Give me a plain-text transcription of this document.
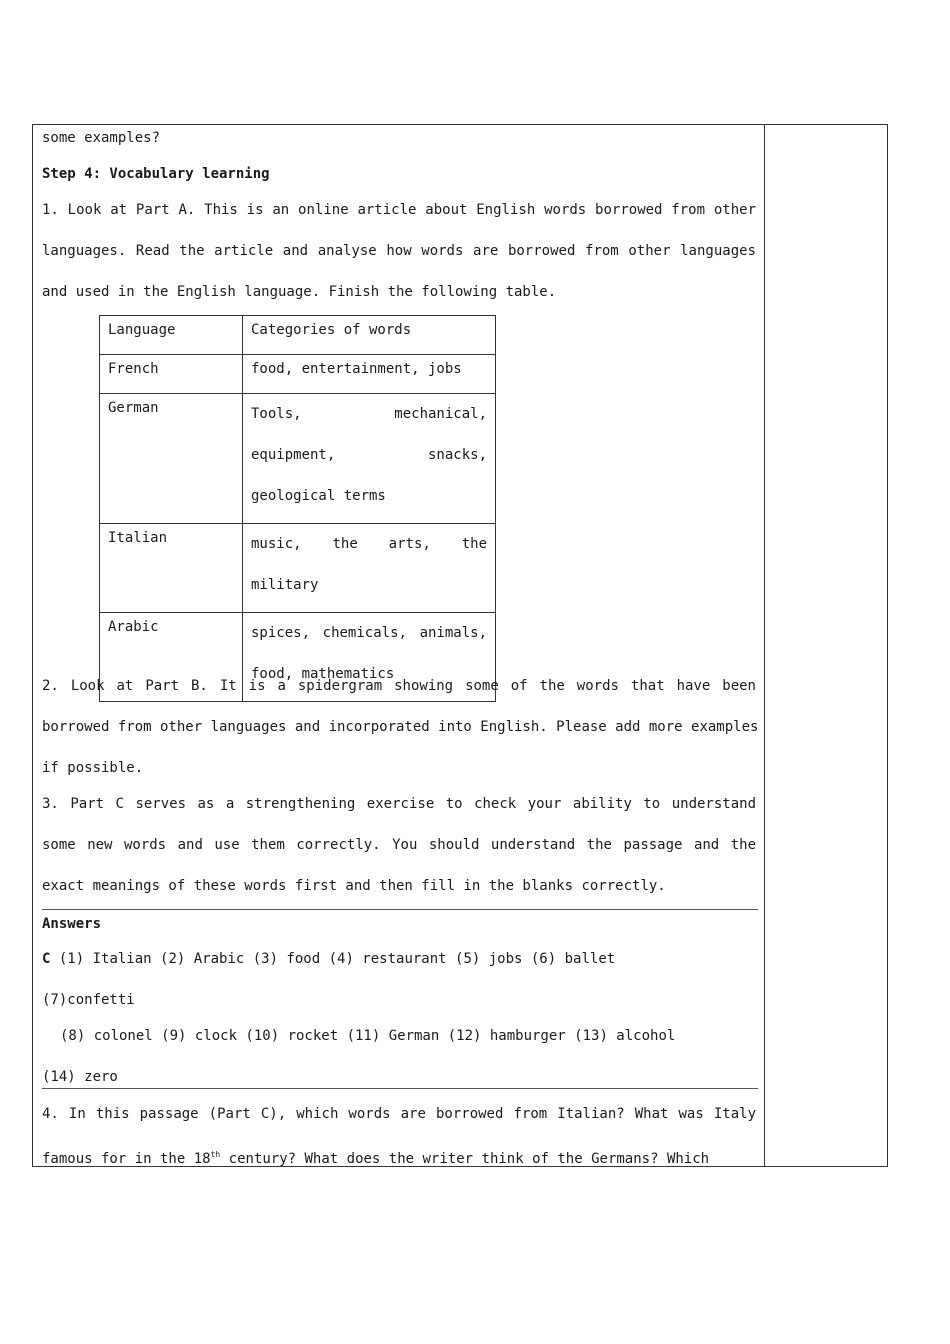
some examples?
Step 4: Vocabulary learning
1. Look at Part A. This is an online article about English words borrowed from other
languages. Read the article and analyse how words are borrowed from other languages
and used in the English language. Finish the following table.
Language	Categories of words
French	food, entertainment, jobs
German	Tools, mechanical, equipment, snacks, geological terms
Italian	music, the arts, the military
Arabic	spices, chemicals, animals, food, mathematics
2. Look at Part B. It is a spidergram showing some of the words that have been
borrowed from other languages and incorporated into English. Please add more examples
if possible.
3. Part C serves as a strengthening exercise to check your ability to understand
some new words and use them correctly. You should understand the passage and the
exact meanings of these words first and then fill in the blanks correctly.
Answers
C (1) Italian (2) Arabic (3) food (4) restaurant (5) jobs (6) ballet
(7)confetti
(8) colonel (9) clock (10) rocket (11) German (12) hamburger (13) alcohol
(14) zero
4. In this passage (Part C), which words are borrowed from Italian? What was Italy
famous for in the 18th century? What does the writer think of the Germans? Which
